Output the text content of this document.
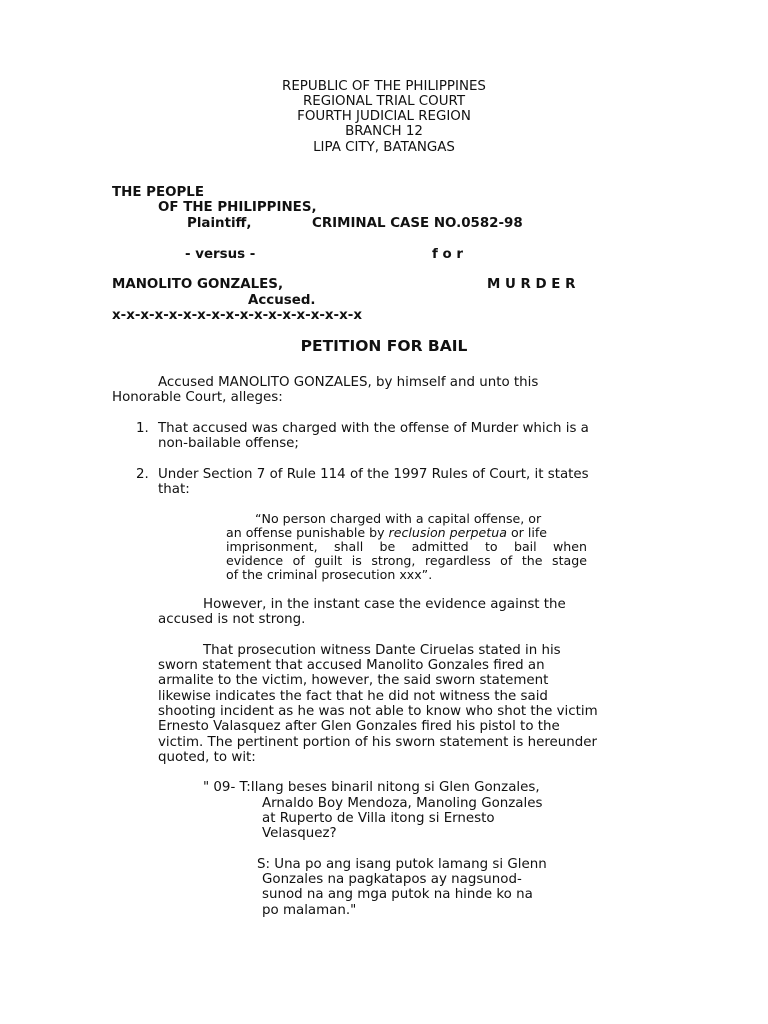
REPUBLIC OF THE PHILIPPINES
REGIONAL TRIAL COURT
FOURTH JUDICIAL REGION
BRANCH 12
LIPA CITY, BATANGAS
THE PEOPLE
OF THE PHILIPPINES,
Plaintiff,	CRIMINAL CASE NO.0582-98
- versus -	f o r
MANOLITO GONZALES,	M U R D E R
Accused.
x-x-x-x-x-x-x-x-x-x-x-x-x-x-x-x-x-x
PETITION FOR BAIL
Accused MANOLITO GONZALES, by himself and unto this
Honorable Court, alleges:
1. That accused was charged with the offense of Murder which is a
non-bailable offense;
2. Under Section 7 of Rule 114 of the 1997 Rules of Court, it states
that:
“No person charged with a capital offense, or
an offense punishable by reclusion perpetua or life
imprisonment, shall be admitted to bail when
evidence of guilt is strong, regardless of the stage
of the criminal prosecution xxx”.
However, in the instant case the evidence against the
accused is not strong.
That prosecution witness Dante Ciruelas stated in his
sworn statement that accused Manolito Gonzales fired an
armalite to the victim, however, the said sworn statement
likewise indicates the fact that he did not witness the said
shooting incident as he was not able to know who shot the victim
Ernesto Valasquez after Glen Gonzales fired his pistol to the
victim. The pertinent portion of his sworn statement is hereunder
quoted, to wit:
" 09- T:Ilang beses binaril nitong si Glen Gonzales,
Arnaldo Boy Mendoza, Manoling Gonzales
at Ruperto de Villa itong si Ernesto
Velasquez?
S: Una po ang isang putok lamang si Glenn
Gonzales na pagkatapos ay nagsunod-
sunod na ang mga putok na hinde ko na
po malaman."
